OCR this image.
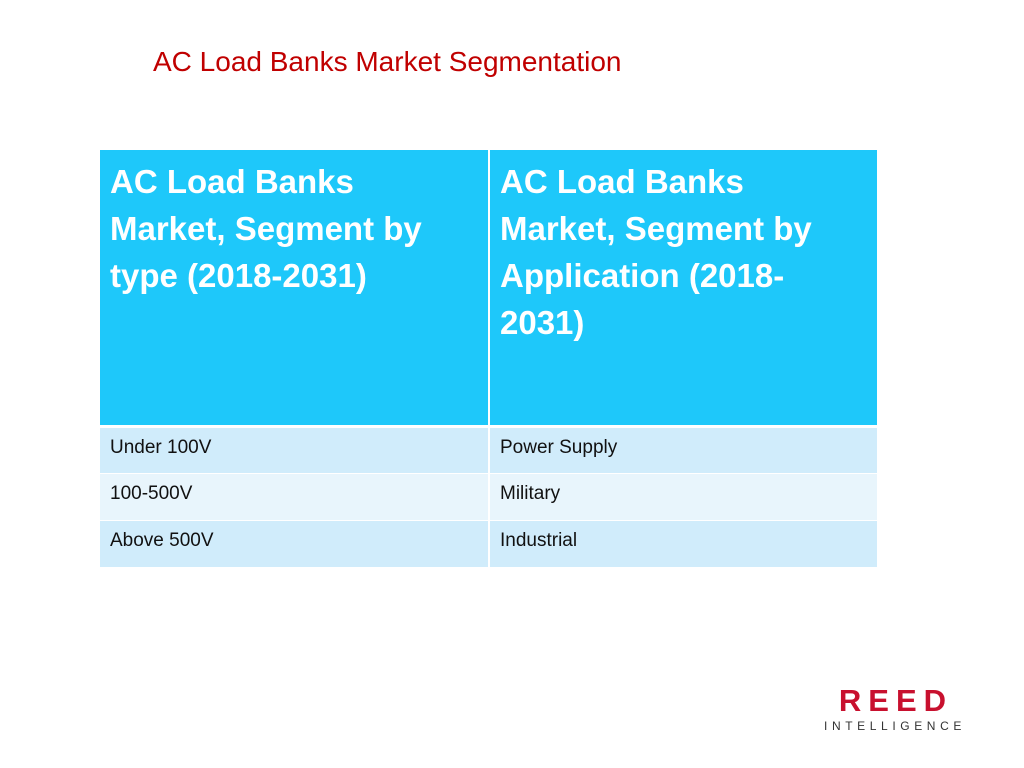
AC Load Banks Market Segmentation
AC Load Banks Market, Segment by type (2018-2031)	AC Load Banks Market, Segment by Application (2018-2031)
Under 100V	Power Supply
100-500V	Military
Above 500V	Industrial
REED
INTELLIGENCE
